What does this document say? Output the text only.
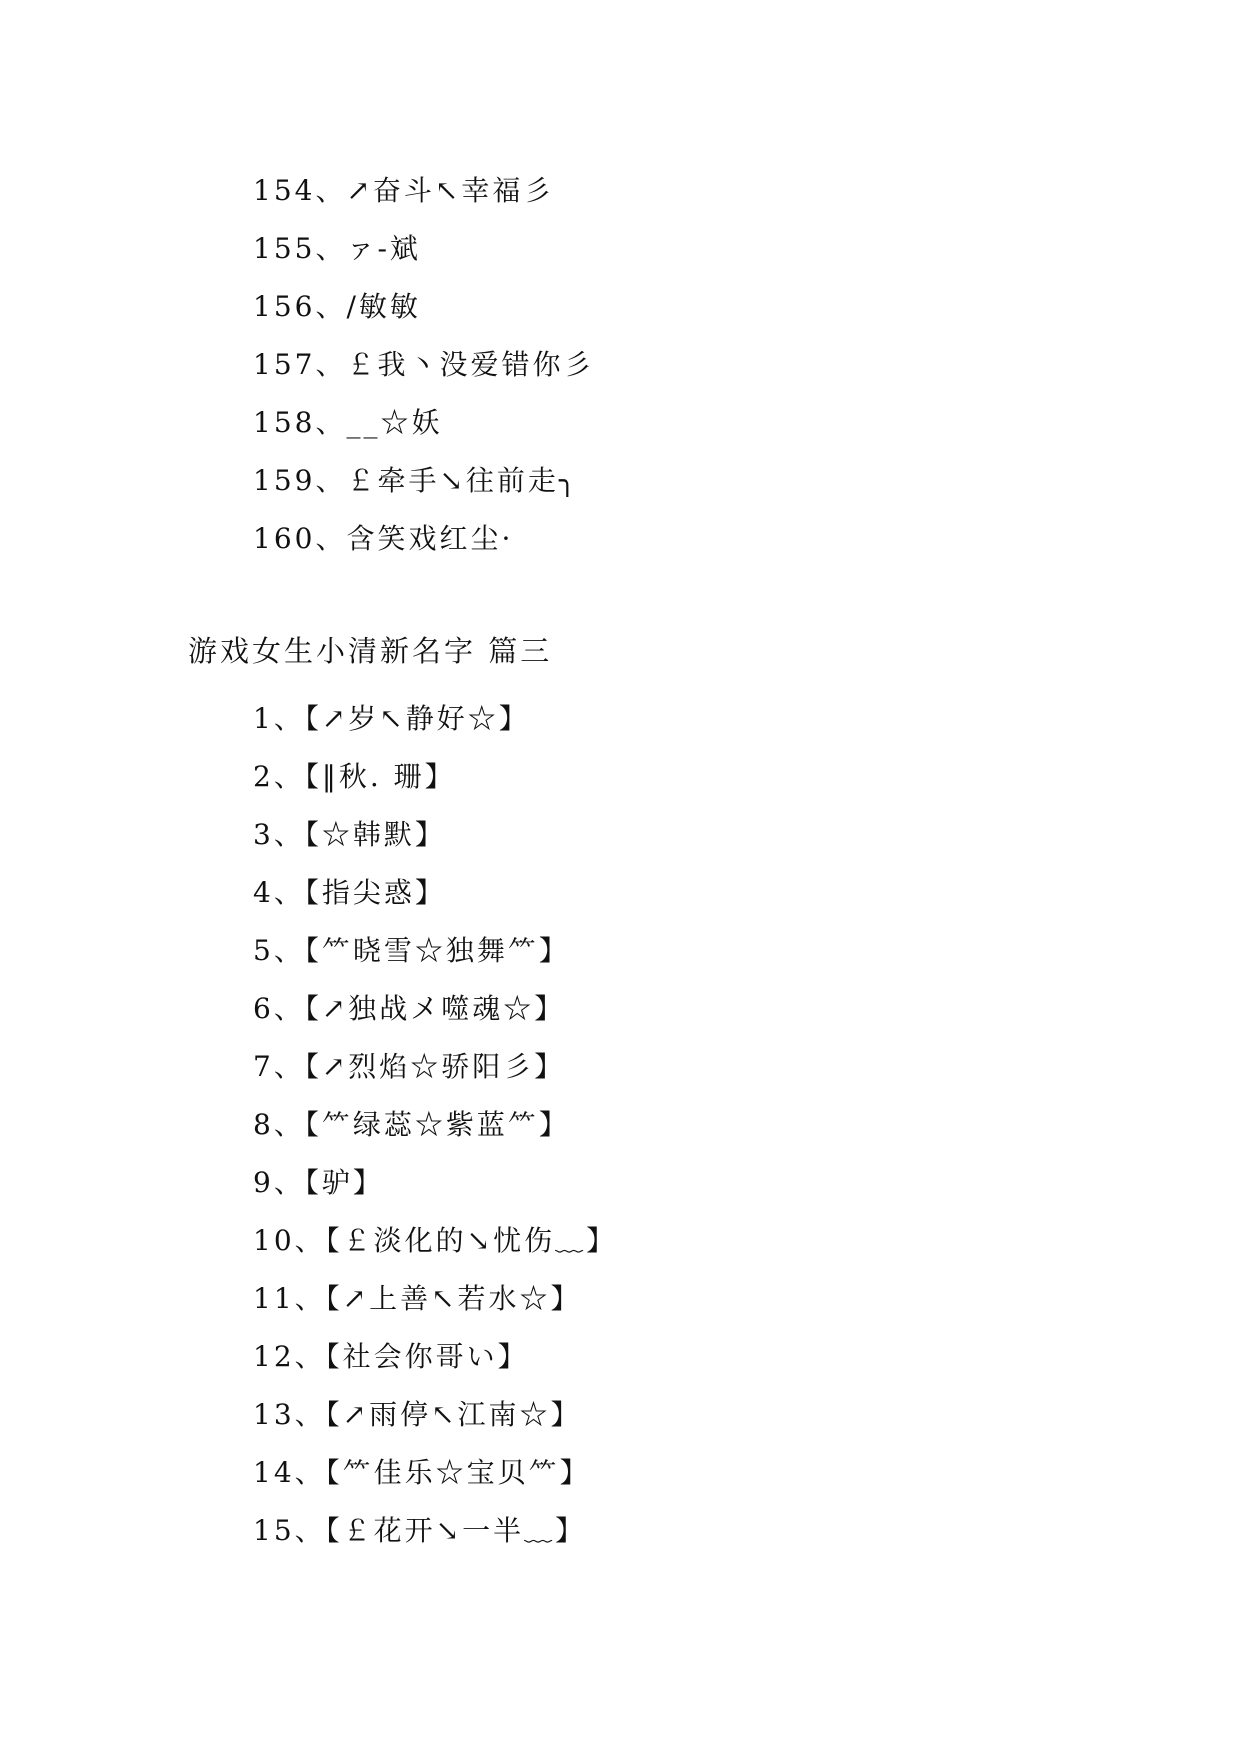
154、↗奋斗↖幸福彡
155、ァ-斌
156、/敏敏
157、￡我丶没爱错你彡
158、__☆妖
159、￡牵手↘往前走╮
160、含笑戏红尘·
游戏女生小清新名字 篇三
1、【↗岁↖静好☆】
2、【‖秋. 珊】
3、【☆韩默】
4、【指尖惑】
5、【⺮晓雪☆独舞⺮】
6、【↗独战メ噬魂☆】
7、【↗烈焰☆骄阳彡】
8、【⺮绿蕊☆紫蓝⺮】
9、【驴】
10、【￡淡化的↘忧伤﹏】
11、【↗上善↖若水☆】
12、【社会你哥い】
13、【↗雨停↖江南☆】
14、【⺮佳乐☆宝贝⺮】
15、【￡花开↘一半﹏】
